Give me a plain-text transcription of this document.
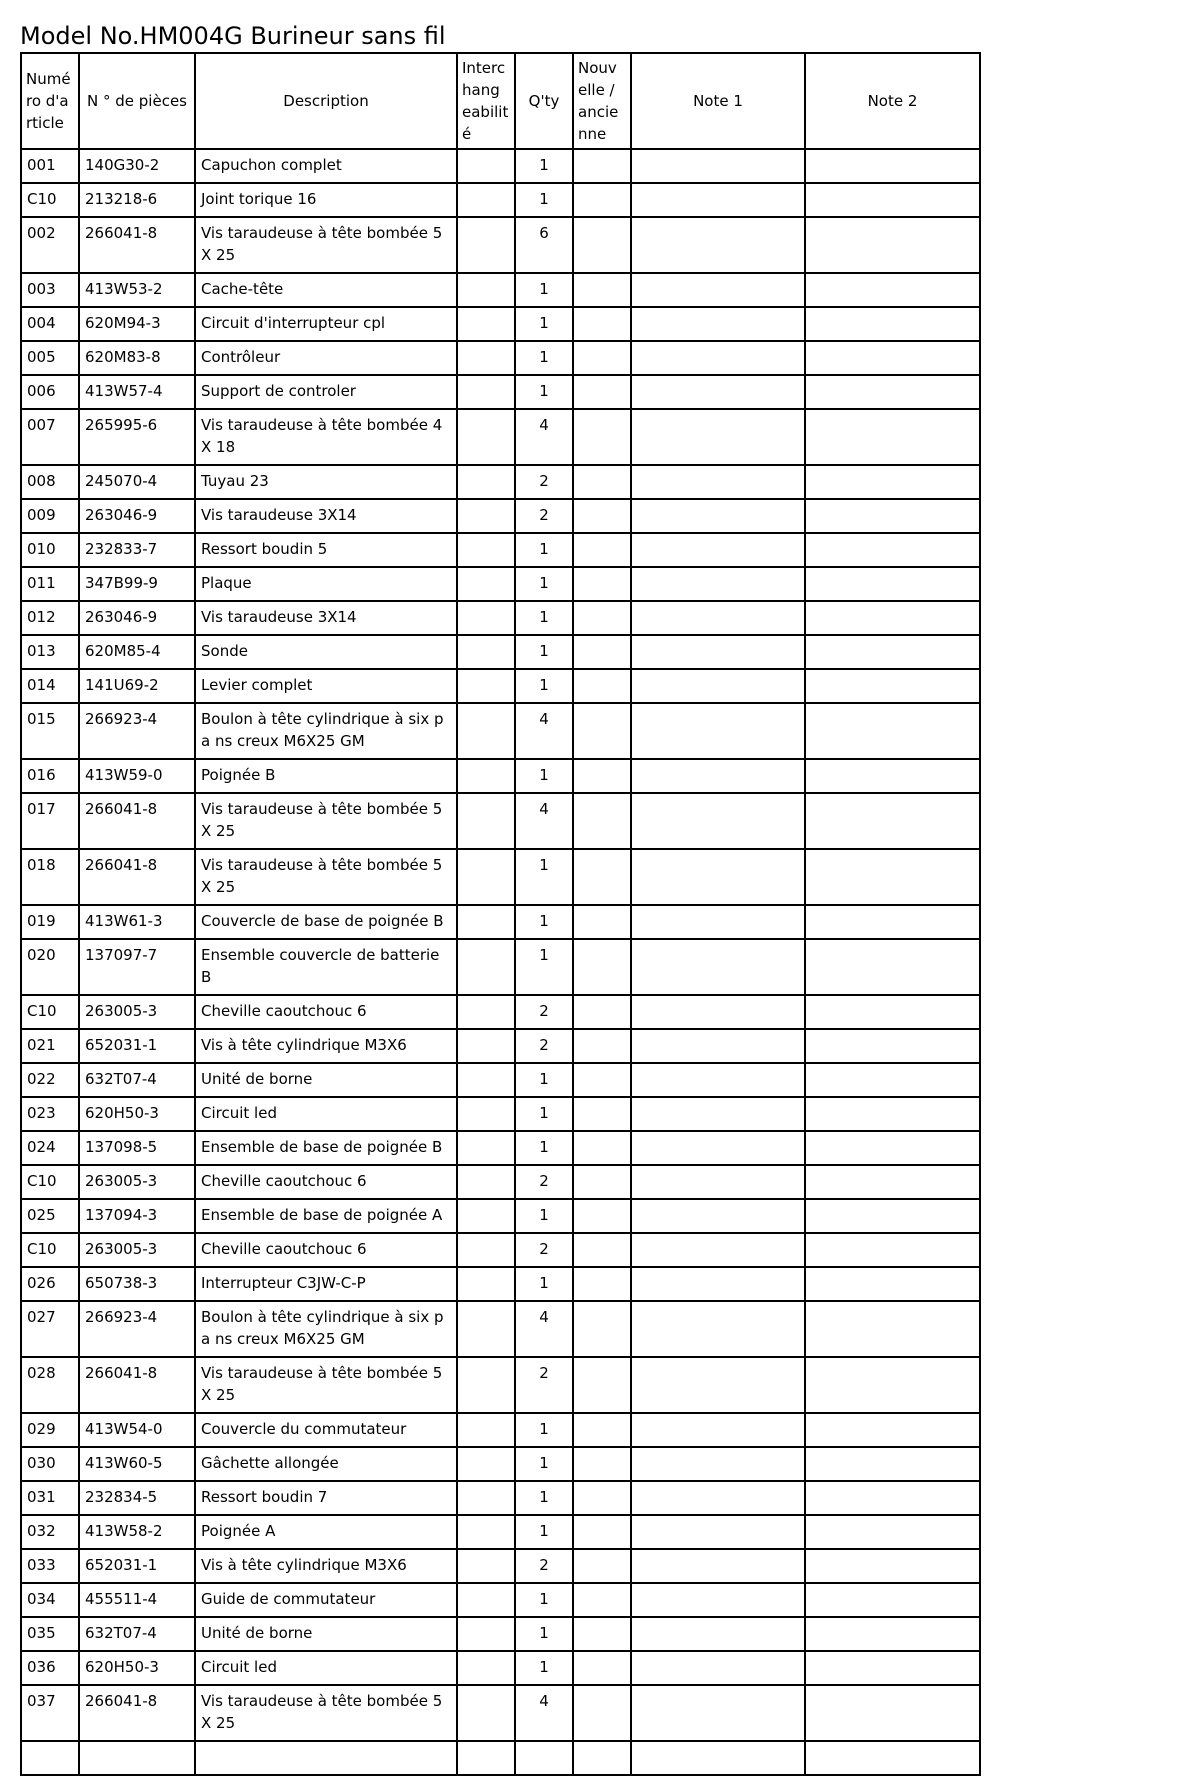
Model No.HM004G Burineur sans fil
Numé ro d'a rticle	N ° de pièces	Description	Interc hang eabilit é	Q'ty	Nouv elle / ancie nne	Note 1	Note 2
001	140G30-2	Capuchon complet		1			
C10	213218-6	Joint torique 16		1			
002	266041-8	Vis taraudeuse à tête bombée 5X 25		6			
003	413W53-2	Cache-tête		1			
004	620M94-3	Circuit d'interrupteur cpl		1			
005	620M83-8	Contrôleur		1			
006	413W57-4	Support de controler		1			
007	265995-6	Vis taraudeuse à tête bombée 4X 18		4			
008	245070-4	Tuyau 23		2			
009	263046-9	Vis taraudeuse 3X14		2			
010	232833-7	Ressort boudin 5		1			
011	347B99-9	Plaque		1			
012	263046-9	Vis taraudeuse 3X14		1			
013	620M85-4	Sonde		1			
014	141U69-2	Levier complet		1			
015	266923-4	Boulon à tête cylindrique à six pa ns creux M6X25 GM		4			
016	413W59-0	Poignée B		1			
017	266041-8	Vis taraudeuse à tête bombée 5X 25		4			
018	266041-8	Vis taraudeuse à tête bombée 5X 25		1			
019	413W61-3	Couvercle de base de poignée B		1			
020	137097-7	Ensemble couvercle de batterie B		1			
C10	263005-3	Cheville caoutchouc 6		2			
021	652031-1	Vis à tête cylindrique M3X6		2			
022	632T07-4	Unité de borne		1			
023	620H50-3	Circuit led		1			
024	137098-5	Ensemble de base de poignée B		1			
C10	263005-3	Cheville caoutchouc 6		2			
025	137094-3	Ensemble de base de poignée A		1			
C10	263005-3	Cheville caoutchouc 6		2			
026	650738-3	Interrupteur C3JW-C-P		1			
027	266923-4	Boulon à tête cylindrique à six pa ns creux M6X25 GM		4			
028	266041-8	Vis taraudeuse à tête bombée 5X 25		2			
029	413W54-0	Couvercle du commutateur		1			
030	413W60-5	Gâchette allongée		1			
031	232834-5	Ressort boudin 7		1			
032	413W58-2	Poignée A		1			
033	652031-1	Vis à tête cylindrique M3X6		2			
034	455511-4	Guide de commutateur		1			
035	632T07-4	Unité de borne		1			
036	620H50-3	Circuit led		1			
037	266041-8	Vis taraudeuse à tête bombée 5X 25		4			
